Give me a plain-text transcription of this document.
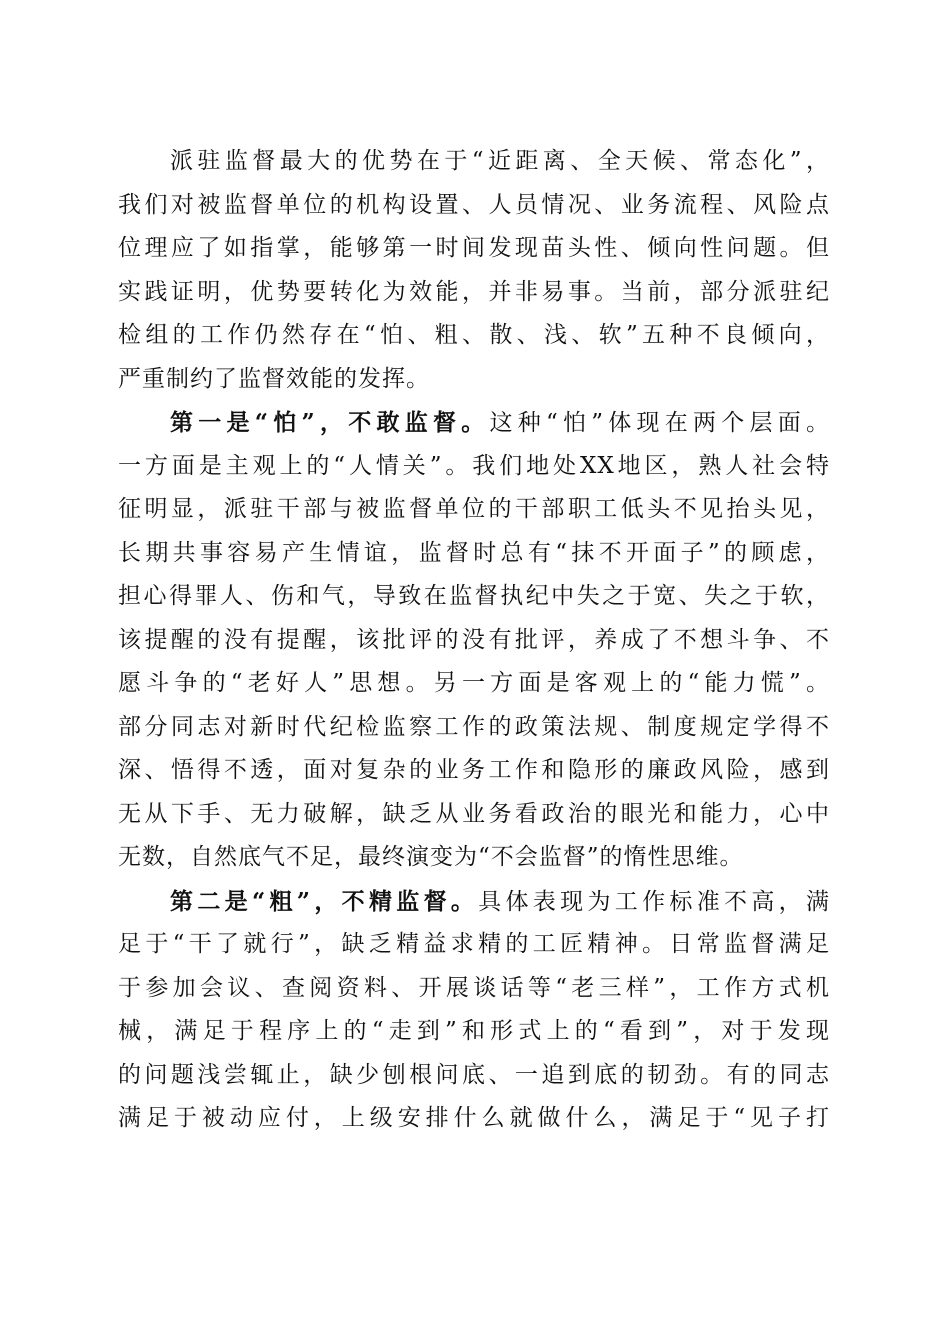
派驻监督最大的优势在于“近距离、全天候、常态化”，
我们对被监督单位的机构设置、人员情况、业务流程、风险点
位理应了如指掌，能够第一时间发现苗头性、倾向性问题。但
实践证明，优势要转化为效能，并非易事。当前，部分派驻纪
检组的工作仍然存在“怕、粗、散、浅、软”五种不良倾向，
严重制约了监督效能的发挥。
第一是“怕”，不敢监督。这种“怕”体现在两个层面。
一方面是主观上的“人情关”。我们地处XX地区，熟人社会特
征明显，派驻干部与被监督单位的干部职工低头不见抬头见，
长期共事容易产生情谊，监督时总有“抹不开面子”的顾虑，
担心得罪人、伤和气，导致在监督执纪中失之于宽、失之于软，
该提醒的没有提醒，该批评的没有批评，养成了不想斗争、不
愿斗争的“老好人”思想。另一方面是客观上的“能力慌”。
部分同志对新时代纪检监察工作的政策法规、制度规定学得不
深、悟得不透，面对复杂的业务工作和隐形的廉政风险，感到
无从下手、无力破解，缺乏从业务看政治的眼光和能力，心中
无数，自然底气不足，最终演变为“不会监督”的惰性思维。
第二是“粗”，不精监督。具体表现为工作标准不高，满
足于“干了就行”，缺乏精益求精的工匠精神。日常监督满足
于参加会议、查阅资料、开展谈话等“老三样”，工作方式机
械，满足于程序上的“走到”和形式上的“看到”，对于发现
的问题浅尝辄止，缺少刨根问底、一追到底的韧劲。有的同志
满足于被动应付，上级安排什么就做什么，满足于“见子打
